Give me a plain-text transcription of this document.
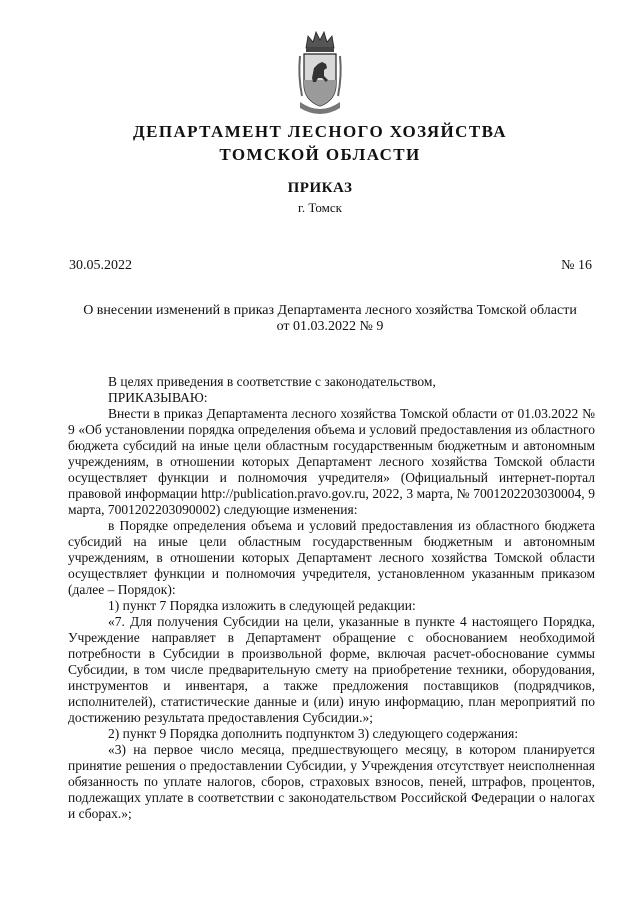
ДЕПАРТАМЕНТ ЛЕСНОГО ХОЗЯЙСТВА
ТОМСКОЙ ОБЛАСТИ
ПРИКАЗ
г. Томск
30.05.2022	№ 16
О внесении изменений в приказ Департамента лесного хозяйства Томской области
от 01.03.2022 № 9

В целях приведения в соответствие с законодательством,

ПРИКАЗЫВАЮ:

Внести в приказ Департамента лесного хозяйства Томской области от 01.03.2022 № 9 «Об установлении порядка определения объема и условий предоставления из областного бюджета субсидий на иные цели областным государственным бюджетным и автономным учреждениям, в отношении которых Департамент лесного хозяйства Томской области осуществляет функции и полномочия учредителя» (Официальный интернет-портал правовой информации http://publication.pravo.gov.ru, 2022, 3 марта, № 7001202203030004, 9 марта, 7001202203090002) следующие изменения:

в Порядке определения объема и условий предоставления из областного бюджета субсидий на иные цели областным государственным бюджетным и автономным учреждениям, в отношении которых Департамент лесного хозяйства Томской области осуществляет функции и полномочия учредителя, установленном указанным приказом (далее – Порядок):

1) пункт 7 Порядка изложить в следующей редакции:

«7. Для получения Субсидии на цели, указанные в пункте 4 настоящего Порядка, Учреждение направляет в Департамент обращение с обоснованием необходимой потребности в Субсидии в произвольной форме, включая расчет-обоснование суммы Субсидии, в том числе предварительную смету на приобретение техники, оборудования, инструментов и инвентаря, а также предложения поставщиков (подрядчиков, исполнителей), статистические данные и (или) иную информацию, план мероприятий по достижению результата предоставления Субсидии.»;

2) пункт 9 Порядка дополнить подпунктом 3) следующего содержания:

«3) на первое число месяца, предшествующего месяцу, в котором планируется принятие решения о предоставлении Субсидии, у Учреждения отсутствует неисполненная обязанность по уплате налогов, сборов, страховых взносов, пеней, штрафов, процентов, подлежащих уплате в соответствии с законодательством Российской Федерации о налогах и сборах.»;
